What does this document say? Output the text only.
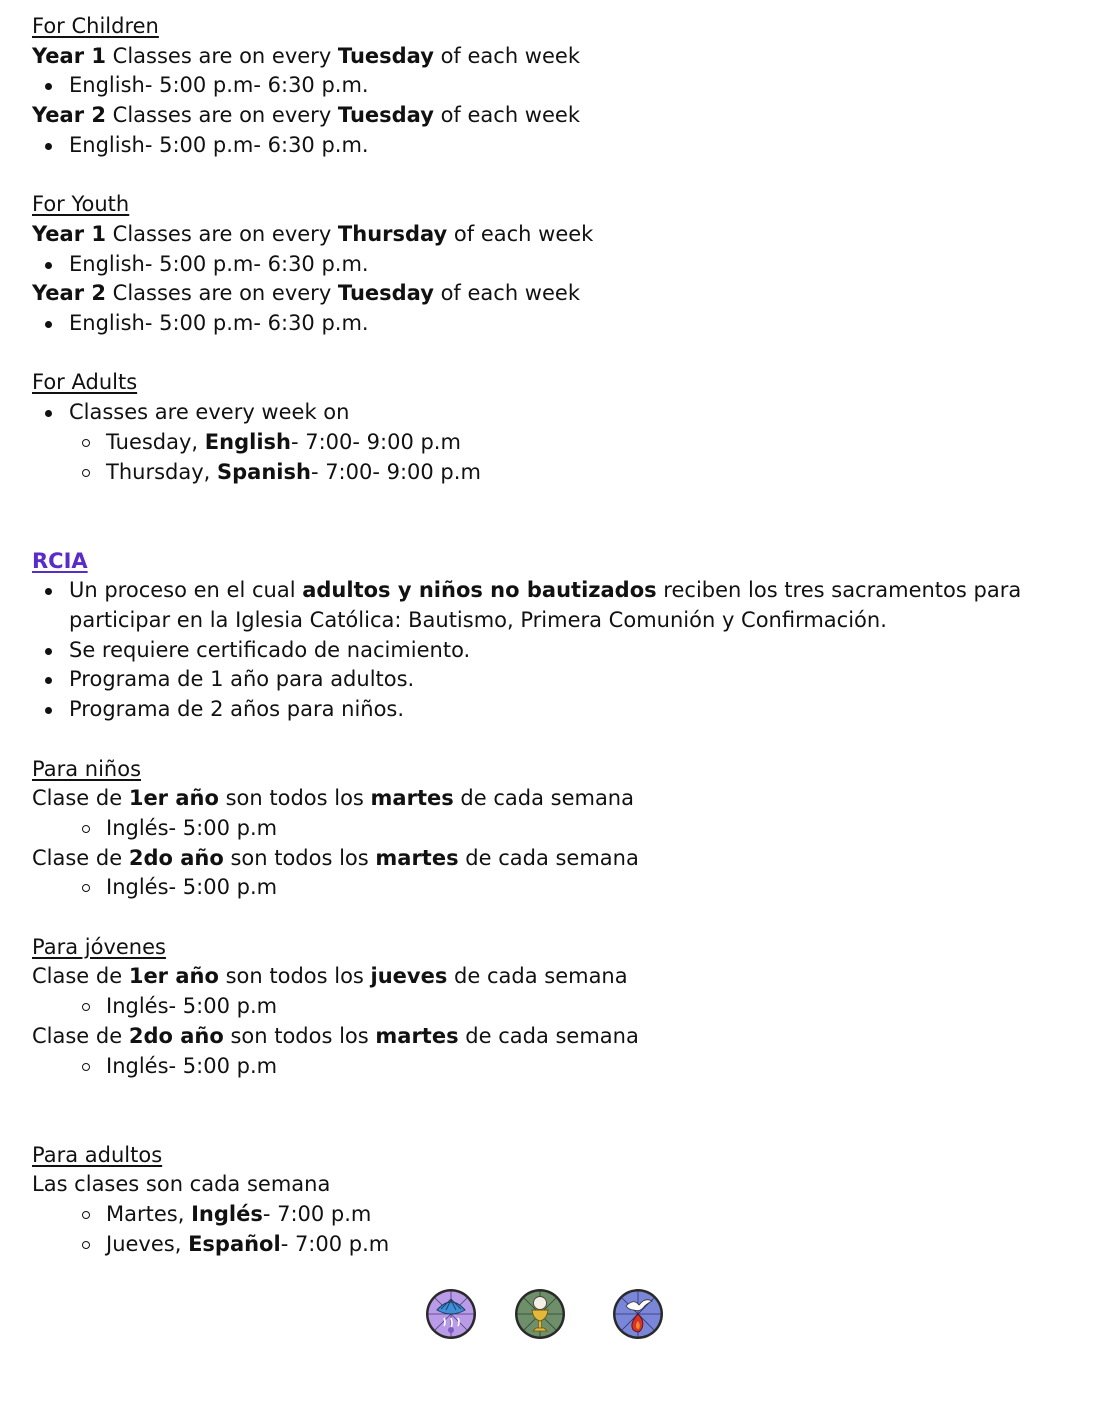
For Children
Year 1 Classes are on every Tuesday of each week
English- 5:00 p.m- 6:30 p.m.
Year 2 Classes are on every Tuesday of each week
English- 5:00 p.m- 6:30 p.m.
For Youth
Year 1 Classes are on every Thursday of each week
English- 5:00 p.m- 6:30 p.m.
Year 2 Classes are on every Tuesday of each week
English- 5:00 p.m- 6:30 p.m.
For Adults
Classes are every week on
Tuesday, English- 7:00- 9:00 p.m
Thursday, Spanish- 7:00- 9:00 p.m
RCIA
Un proceso en el cual adultos y niños no bautizados reciben los tres sacramentos para participar en la Iglesia Católica: Bautismo, Primera Comunión y Confirmación.
Se requiere certificado de nacimiento.
Programa de 1 año para adultos.
Programa de 2 años para niños.
Para niños
Clase de 1er año son todos los martes de cada semana
Inglés- 5:00 p.m
Clase de 2do año son todos los martes de cada semana
Inglés- 5:00 p.m
Para jóvenes
Clase de 1er año son todos los jueves de cada semana
Inglés- 5:00 p.m
Clase de 2do año son todos los martes de cada semana
Inglés- 5:00 p.m
Para adultos
Las clases son cada semana
Martes, Inglés- 7:00 p.m
Jueves, Español- 7:00 p.m
